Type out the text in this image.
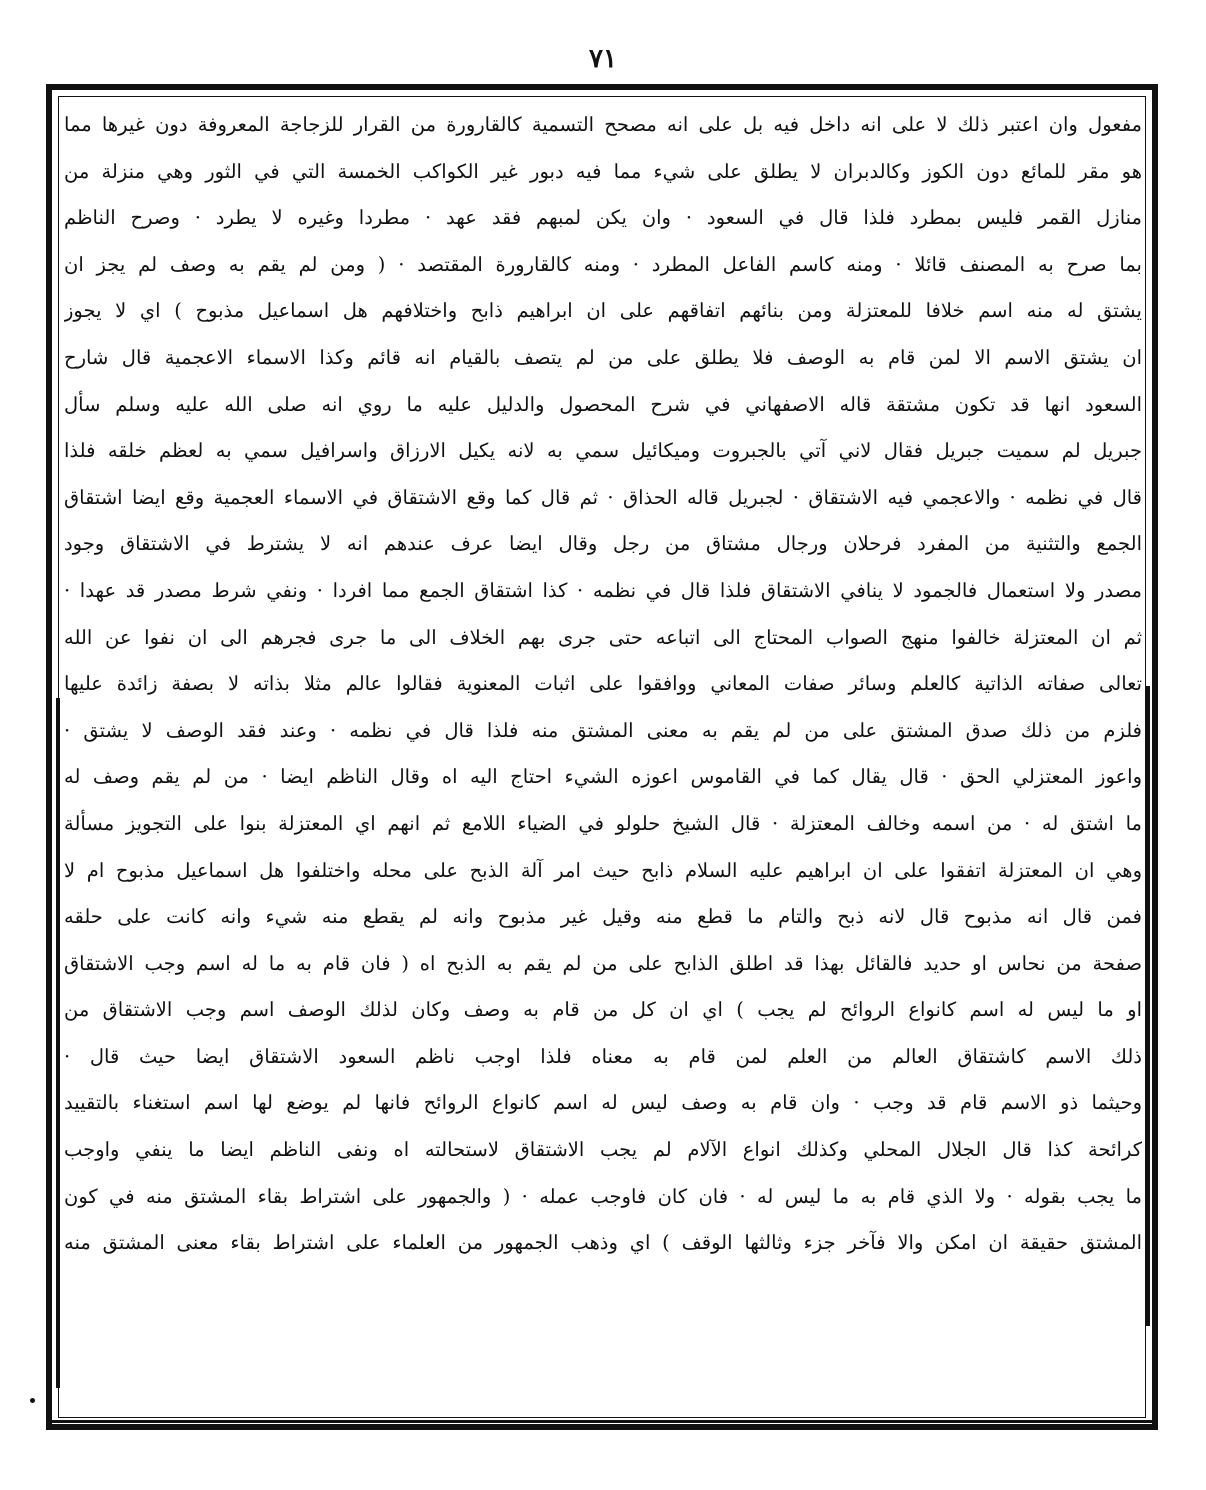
٧١
مفعول وان اعتبر ذلك لا على انه داخل فيه بل على انه مصحح التسمية كالقارورة من القرار للزجاجة المعروفة دون غيرها مما
هو مقر للمائع دون الكوز وكالدبران لا يطلق على شيء مما فيه دبور غير الكواكب الخمسة التي في الثور وهي منزلة من
منازل القمر فليس بمطرد فلذا قال في السعود · وان يكن لمبهم فقد عهد · مطردا وغيره لا يطرد · وصرح الناظم
بما صرح به المصنف قائلا · ومنه كاسم الفاعل المطرد · ومنه كالقارورة المقتصد · ( ومن لم يقم به وصف لم يجز ان
يشتق له منه اسم خلافا للمعتزلة ومن بنائهم اتفاقهم على ان ابراهيم ذابح واختلافهم هل اسماعيل مذبوح ) اي لا يجوز
ان يشتق الاسم الا لمن قام به الوصف فلا يطلق على من لم يتصف بالقيام انه قائم وكذا الاسماء الاعجمية قال شارح
السعود انها قد تكون مشتقة قاله الاصفهاني في شرح المحصول والدليل عليه ما روي انه صلى الله عليه وسلم سأل
جبريل لم سميت جبريل فقال لاني آتي بالجبروت وميكائيل سمي به لانه يكيل الارزاق واسرافيل سمي به لعظم خلقه فلذا
قال في نظمه · والاعجمي فيه الاشتقاق · لجبريل قاله الحذاق · ثم قال كما وقع الاشتقاق في الاسماء العجمية وقع ايضا اشتقاق
الجمع والتثنية من المفرد فرحلان ورجال مشتاق من رجل وقال ايضا عرف عندهم انه لا يشترط في الاشتقاق وجود
مصدر ولا استعمال فالجمود لا ينافي الاشتقاق فلذا قال في نظمه · كذا اشتقاق الجمع مما افردا · ونفي شرط مصدر قد عهدا ·
ثم ان المعتزلة خالفوا منهج الصواب المحتاج الى اتباعه حتى جرى بهم الخلاف الى ما جرى فجرهم الى ان نفوا عن الله
تعالى صفاته الذاتية كالعلم وسائر صفات المعاني ووافقوا على اثبات المعنوية فقالوا عالم مثلا بذاته لا بصفة زائدة عليها
فلزم من ذلك صدق المشتق على من لم يقم به معنى المشتق منه فلذا قال في نظمه · وعند فقد الوصف لا يشتق ·
واعوز المعتزلي الحق · قال يقال كما في القاموس اعوزه الشيء احتاج اليه اه وقال الناظم ايضا · من لم يقم وصف له
ما اشتق له · من اسمه وخالف المعتزلة · قال الشيخ حلولو في الضياء اللامع ثم انهم اي المعتزلة بنوا على التجويز مسألة
وهي ان المعتزلة اتفقوا على ان ابراهيم عليه السلام ذابح حيث امر آلة الذبح على محله واختلفوا هل اسماعيل مذبوح ام لا
فمن قال انه مذبوح قال لانه ذبح والتام ما قطع منه وقيل غير مذبوح وانه لم يقطع منه شيء وانه كانت على حلقه
صفحة من نحاس او حديد فالقائل بهذا قد اطلق الذابح على من لم يقم به الذبح اه ( فان قام به ما له اسم وجب الاشتقاق
او ما ليس له اسم كانواع الروائح لم يجب ) اي ان كل من قام به وصف وكان لذلك الوصف اسم وجب الاشتقاق من
ذلك الاسم كاشتقاق العالم من العلم لمن قام به معناه فلذا اوجب ناظم السعود الاشتقاق ايضا حيث قال ·
وحيثما ذو الاسم قام قد وجب · وان قام به وصف ليس له اسم كانواع الروائح فانها لم يوضع لها اسم استغناء بالتقييد
كرائحة كذا قال الجلال المحلي وكذلك انواع الآلام لم يجب الاشتقاق لاستحالته اه ونفى الناظم ايضا ما ينفي واوجب
ما يجب بقوله · ولا الذي قام به ما ليس له · فان كان فاوجب عمله · ( والجمهور على اشتراط بقاء المشتق منه في كون
المشتق حقيقة ان امكن والا فآخر جزء وثالثها الوقف ) اي وذهب الجمهور من العلماء على اشتراط بقاء معنى المشتق منه
